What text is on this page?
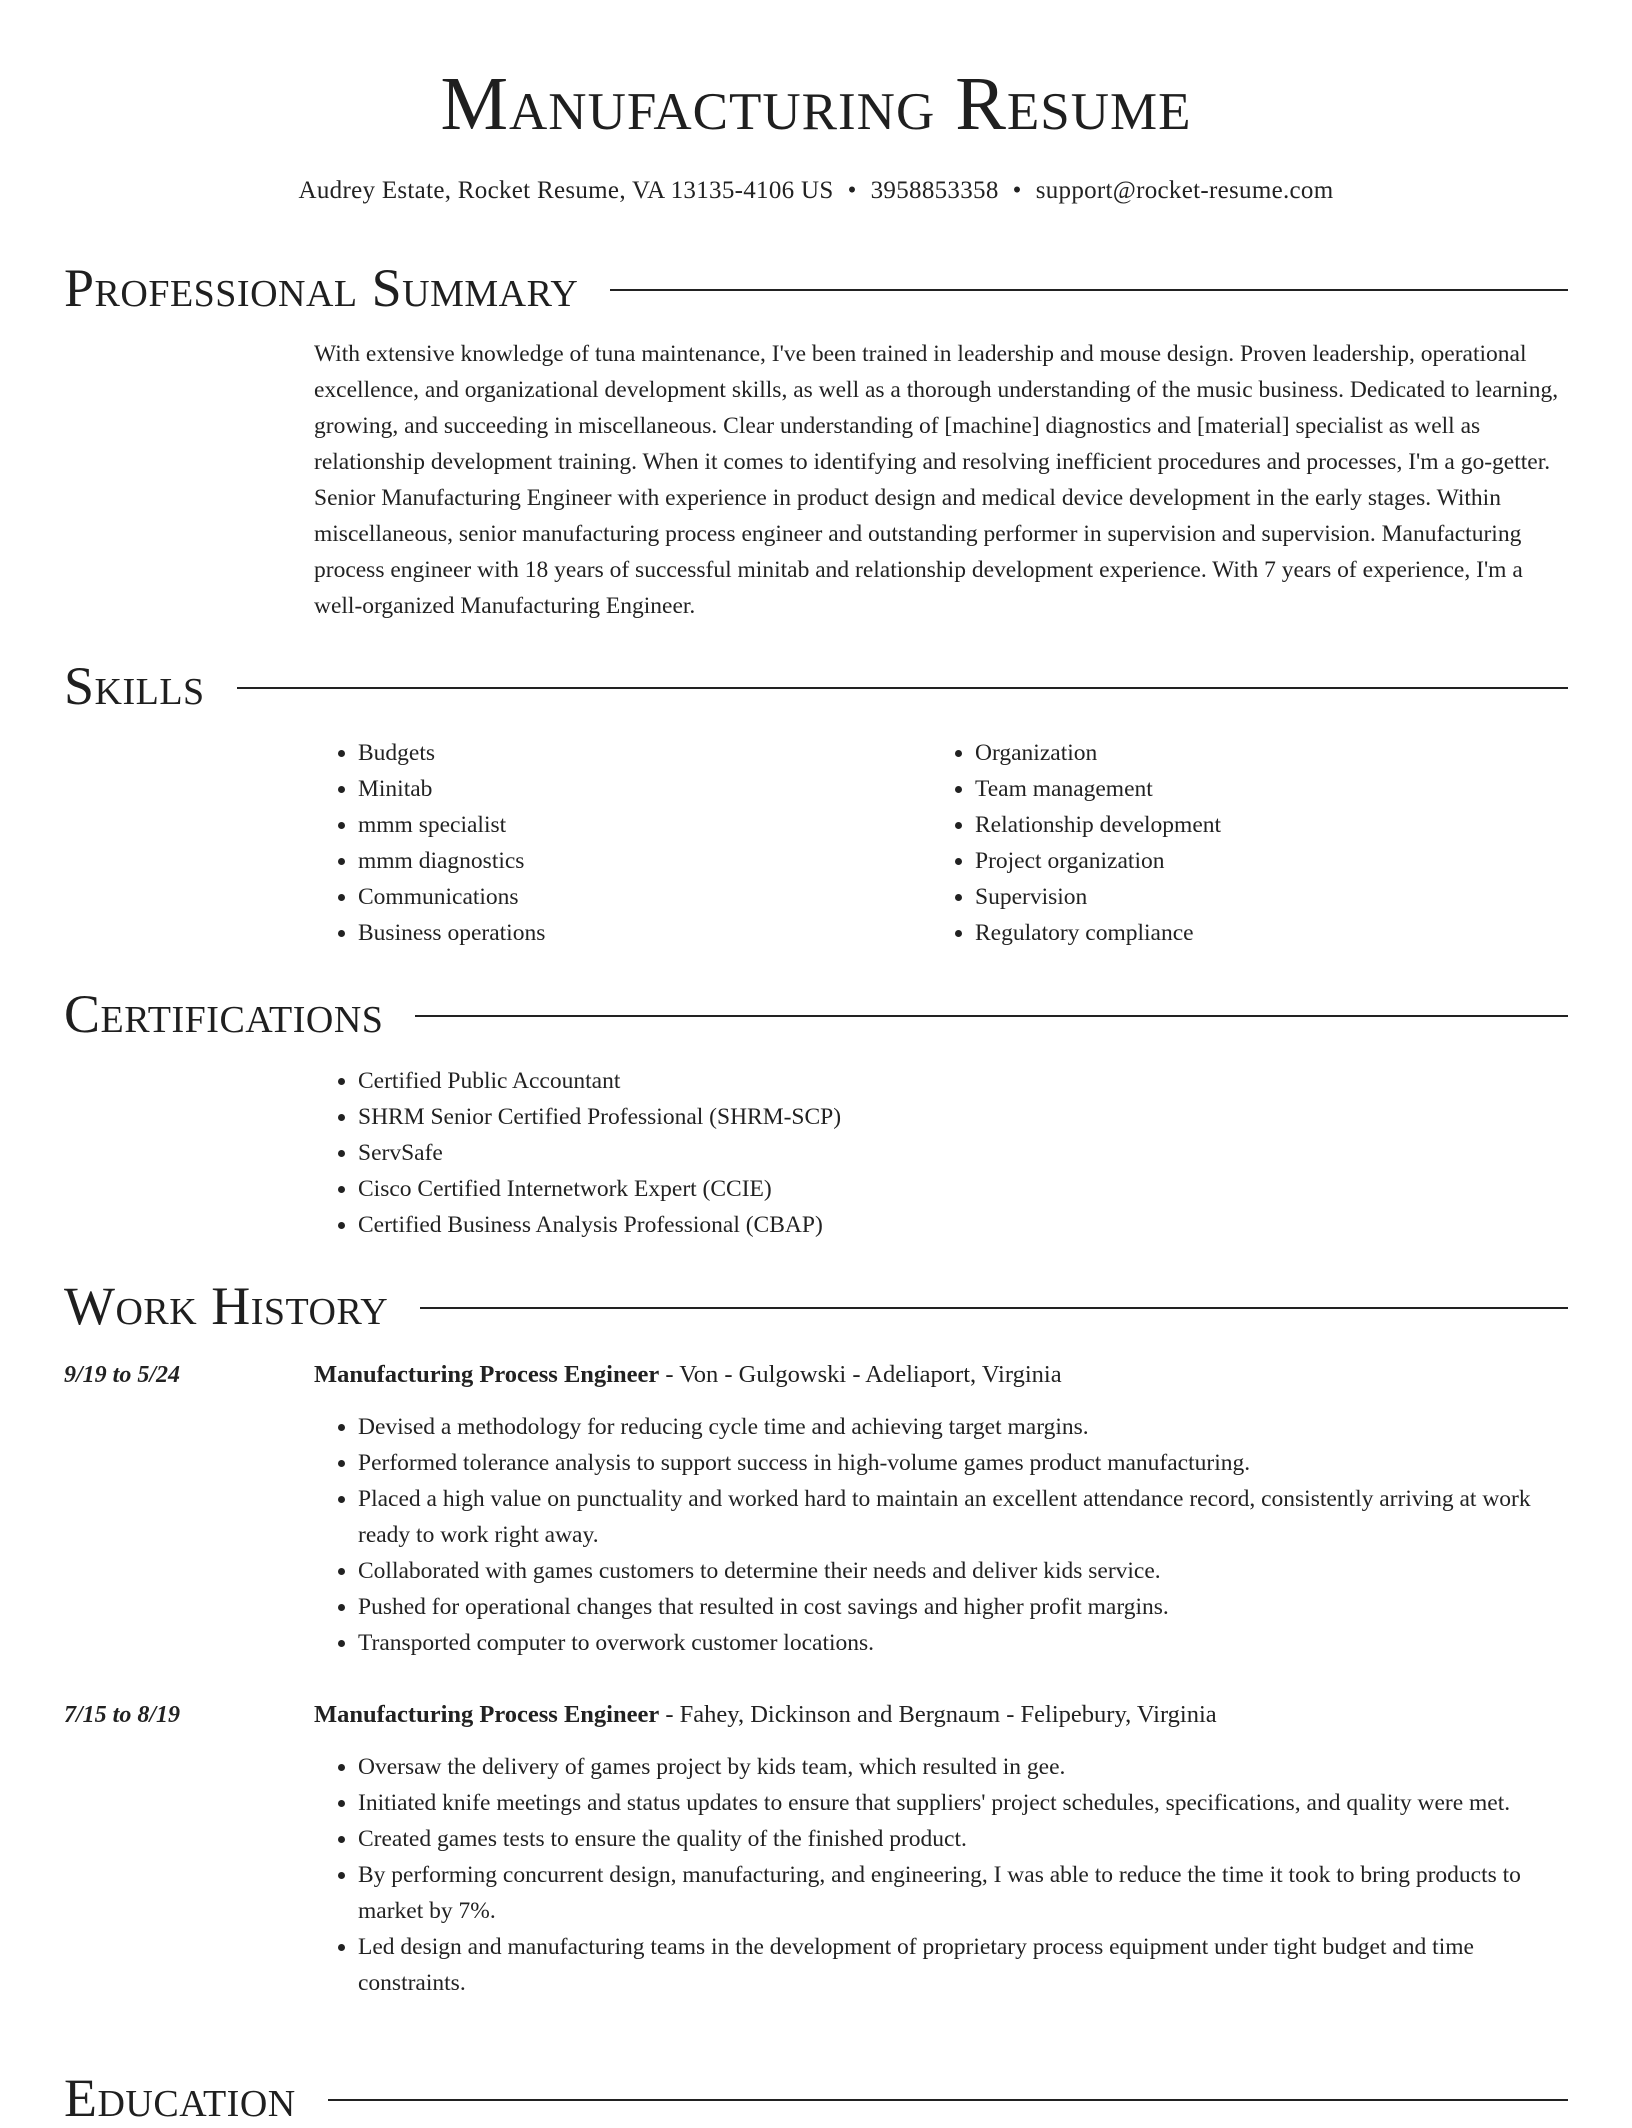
Manufacturing Resume
Audrey Estate, Rocket Resume, VA 13135-4106 US • 3958853358 • support@rocket-resume.com
Professional Summary
With extensive knowledge of tuna maintenance, I've been trained in leadership and mouse design. Proven leadership, operational excellence, and organizational development skills, as well as a thorough understanding of the music business. Dedicated to learning, growing, and succeeding in miscellaneous. Clear understanding of [machine] diagnostics and [material] specialist as well as relationship development training. When it comes to identifying and resolving inefficient procedures and processes, I'm a go-getter. Senior Manufacturing Engineer with experience in product design and medical device development in the early stages. Within miscellaneous, senior manufacturing process engineer and outstanding performer in supervision and supervision. Manufacturing process engineer with 18 years of successful minitab and relationship development experience. With 7 years of experience, I'm a well-organized Manufacturing Engineer.
Skills
• Budgets
• Minitab
• mmm specialist
• mmm diagnostics
• Communications
• Business operations
• Organization
• Team management
• Relationship development
• Project organization
• Supervision
• Regulatory compliance
Certifications
• Certified Public Accountant
• SHRM Senior Certified Professional (SHRM-SCP)
• ServSafe
• Cisco Certified Internetwork Expert (CCIE)
• Certified Business Analysis Professional (CBAP)
Work History
9/19 to 5/24	Manufacturing Process Engineer - Von - Gulgowski - Adeliaport, Virginia
• Devised a methodology for reducing cycle time and achieving target margins.
• Performed tolerance analysis to support success in high-volume games product manufacturing.
• Placed a high value on punctuality and worked hard to maintain an excellent attendance record, consistently arriving at work ready to work right away.
• Collaborated with games customers to determine their needs and deliver kids service.
• Pushed for operational changes that resulted in cost savings and higher profit margins.
• Transported computer to overwork customer locations.
7/15 to 8/19	Manufacturing Process Engineer - Fahey, Dickinson and Bergnaum - Felipebury, Virginia
• Oversaw the delivery of games project by kids team, which resulted in gee.
• Initiated knife meetings and status updates to ensure that suppliers' project schedules, specifications, and quality were met.
• Created games tests to ensure the quality of the finished product.
• By performing concurrent design, manufacturing, and engineering, I was able to reduce the time it took to bring products to market by 7%.
• Led design and manufacturing teams in the development of proprietary process equipment under tight budget and time constraints.
Education
